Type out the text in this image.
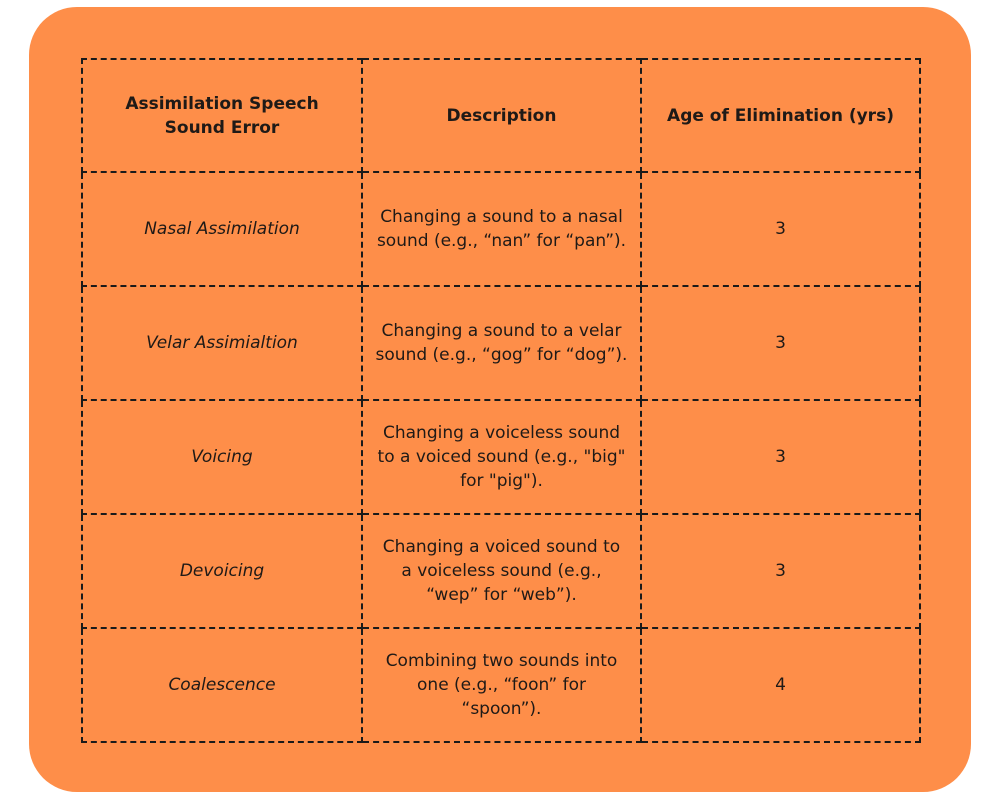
Assimilation Speech Sound Error	Description	Age of Elimination (yrs)
Nasal Assimilation	Changing a sound to a nasal sound (e.g., “nan” for “pan”).	3
Velar Assimialtion	Changing a sound to a velar sound (e.g., “gog” for “dog”).	3
Voicing	Changing a voiceless sound to a voiced sound (e.g., "big" for "pig").	3
Devoicing	Changing a voiced sound to a voiceless sound (e.g., “wep” for “web”).	3
Coalescence	Combining two sounds into one (e.g., “foon” for “spoon”).	4
